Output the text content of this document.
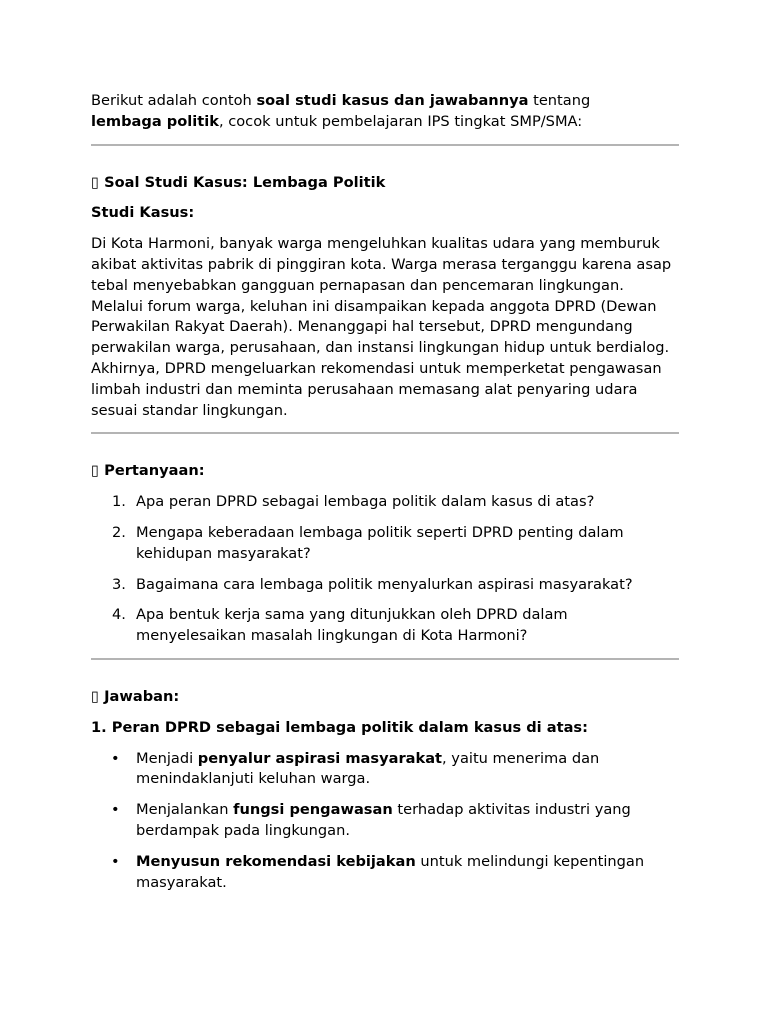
Berikut adalah contoh soal studi kasus dan jawabannya tentang
lembaga politik, cocok untuk pembelajaran IPS tingkat SMP/SMA:

▯ Soal Studi Kasus: Lembaga Politik

Studi Kasus:

Di Kota Harmoni, banyak warga mengeluhkan kualitas udara yang memburuk akibat aktivitas pabrik di pinggiran kota. Warga merasa terganggu karena asap tebal menyebabkan gangguan pernapasan dan pencemaran lingkungan. Melalui forum warga, keluhan ini disampaikan kepada anggota DPRD (Dewan Perwakilan Rakyat Daerah). Menanggapi hal tersebut, DPRD mengundang perwakilan warga, perusahaan, dan instansi lingkungan hidup untuk berdialog. Akhirnya, DPRD mengeluarkan rekomendasi untuk memperketat pengawasan limbah industri dan meminta perusahaan memasang alat penyaring udara sesuai standar lingkungan.

▯ Pertanyaan:

1. Apa peran DPRD sebagai lembaga politik dalam kasus di atas?
2. Mengapa keberadaan lembaga politik seperti DPRD penting dalam kehidupan masyarakat?
3. Bagaimana cara lembaga politik menyalurkan aspirasi masyarakat?
4. Apa bentuk kerja sama yang ditunjukkan oleh DPRD dalam menyelesaikan masalah lingkungan di Kota Harmoni?

▯ Jawaban:

1. Peran DPRD sebagai lembaga politik dalam kasus di atas:

• Menjadi penyalur aspirasi masyarakat, yaitu menerima dan menindaklanjuti keluhan warga.
• Menjalankan fungsi pengawasan terhadap aktivitas industri yang berdampak pada lingkungan.
• Menyusun rekomendasi kebijakan untuk melindungi kepentingan masyarakat.
